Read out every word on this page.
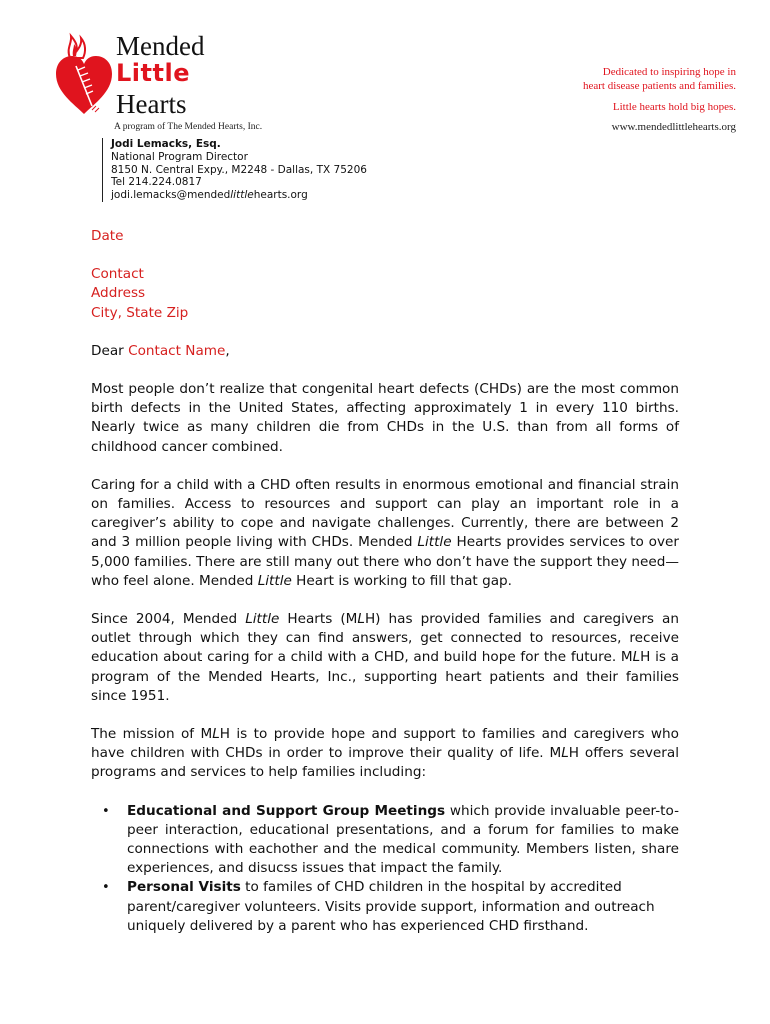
Mended
Little
Hearts
A program of The Mended Hearts, Inc.
Dedicated to inspiring hope in
heart disease patients and families.
Little hearts hold big hopes.
www.mendedlittlehearts.org
Jodi Lemacks, Esq.
National Program Director
8150 N. Central Expy., M2248 - Dallas, TX 75206
Tel 214.224.0817
jodi.lemacks@mendedlittlehearts.org
Date
Contact
Address
City, State Zip
Dear Contact Name,
Most people don’t realize that congenital heart defects (CHDs) are the most common birth defects in the United States, affecting approximately 1 in every 110 births. Nearly twice as many children die from CHDs in the U.S. than from all forms of childhood cancer combined.
Caring for a child with a CHD often results in enormous emotional and financial strain on families. Access to resources and support can play an important role in a caregiver’s ability to cope and navigate challenges. Currently, there are between 2 and 3 million people living with CHDs. Mended Little Hearts provides services to over 5,000 families. There are still many out there who don’t have the support they need—who feel alone. Mended Little Heart is working to fill that gap.
Since 2004, Mended Little Hearts (MLH) has provided families and caregivers an outlet through which they can find answers, get connected to resources, receive education about caring for a child with a CHD, and build hope for the future. MLH is a program of the Mended Hearts, Inc., supporting heart patients and their families since 1951.
The mission of MLH is to provide hope and support to families and caregivers who have children with CHDs in order to improve their quality of life. MLH offers several programs and services to help families including:
• Educational and Support Group Meetings which provide invaluable peer-to-peer interaction, educational presentations, and a forum for families to make connections with eachother and the medical community. Members listen, share experiences, and disucss issues that impact the family.
• Personal Visits to familes of CHD children in the hospital by accredited parent/caregiver volunteers. Visits provide support, information and outreach uniquely delivered by a parent who has experienced CHD firsthand.
